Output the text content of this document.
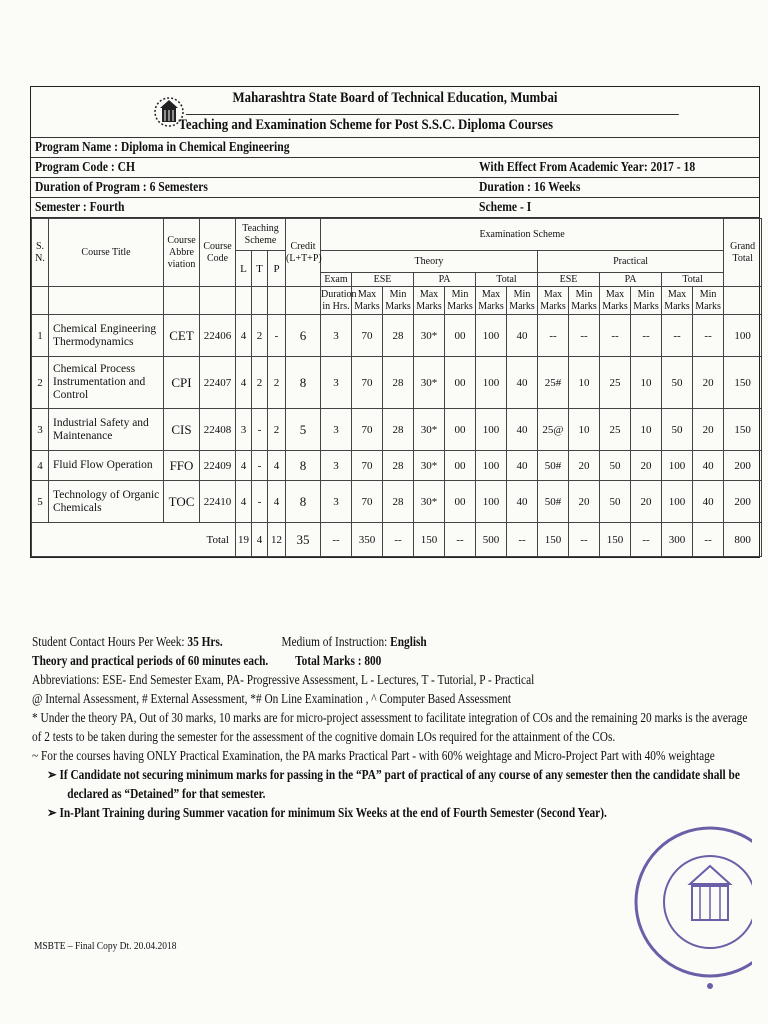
Maharashtra State Board of Technical Education, Mumbai
Teaching and Examination Scheme for Post S.S.C. Diploma Courses
Program Name : Diploma in Chemical Engineering
Program Code : CH	With Effect From Academic Year: 2017 - 18
Duration of Program : 6 Semesters	Duration : 16 Weeks
Semester : Fourth	Scheme - I
S. N.	Course Title	Course Abbre viation	Course Code	Teaching Scheme			Credit (L+T+P)	Examination Scheme													Grand Total
				L	T	P		Theory							Practical						
								Exam	ESE		PA		Total		ESE		PA		Total		
								Duration in Hrs.	Max Marks	Min Marks	Max Marks	Min Marks	Max Marks	Min Marks	Max Marks	Min Marks	Max Marks	Min Marks	Max Marks	Min Marks	
1	Chemical Engineering Thermodynamics	CET	22406	4	2	-	6	3	70	28	30*	00	100	40	--	--	--	--	--	--	100
2	Chemical Process Instrumentation and Control	CPI	22407	4	2	2	8	3	70	28	30*	00	100	40	25#	10	25	10	50	20	150
3	Industrial Safety and Maintenance	CIS	22408	3	-	2	5	3	70	28	30*	00	100	40	25@	10	25	10	50	20	150
4	Fluid Flow Operation	FFO	22409	4	-	4	8	3	70	28	30*	00	100	40	50#	20	50	20	100	40	200
5	Technology of Organic Chemicals	TOC	22410	4	-	4	8	3	70	28	30*	00	100	40	50#	20	50	20	100	40	200
Total				19	4	12	35	--	350	--	150	--	500	--	150	--	150	--	300	--	800
Student Contact Hours Per Week: 35 Hrs.	Medium of Instruction: English
Theory and practical periods of 60 minutes each. Total Marks : 800
Abbreviations: ESE- End Semester Exam, PA- Progressive Assessment, L - Lectures, T - Tutorial, P - Practical
@ Internal Assessment, # External Assessment, *# On Line Examination , ^ Computer Based Assessment
* Under the theory PA, Out of 30 marks, 10 marks are for micro-project assessment to facilitate integration of COs and the remaining 20 marks is the average
of 2 tests to be taken during the semester for the assessment of the cognitive domain LOs required for the attainment of the COs.
~ For the courses having ONLY Practical Examination, the PA marks Practical Part - with 60% weightage and Micro-Project Part with 40% weightage
➢ If Candidate not securing minimum marks for passing in the “PA” part of practical of any course of any semester then the candidate shall be
declared as “Detained” for that semester.
➢ In-Plant Training during Summer vacation for minimum Six Weeks at the end of Fourth Semester (Second Year).
MSBTE – Final Copy Dt. 20.04.2018
